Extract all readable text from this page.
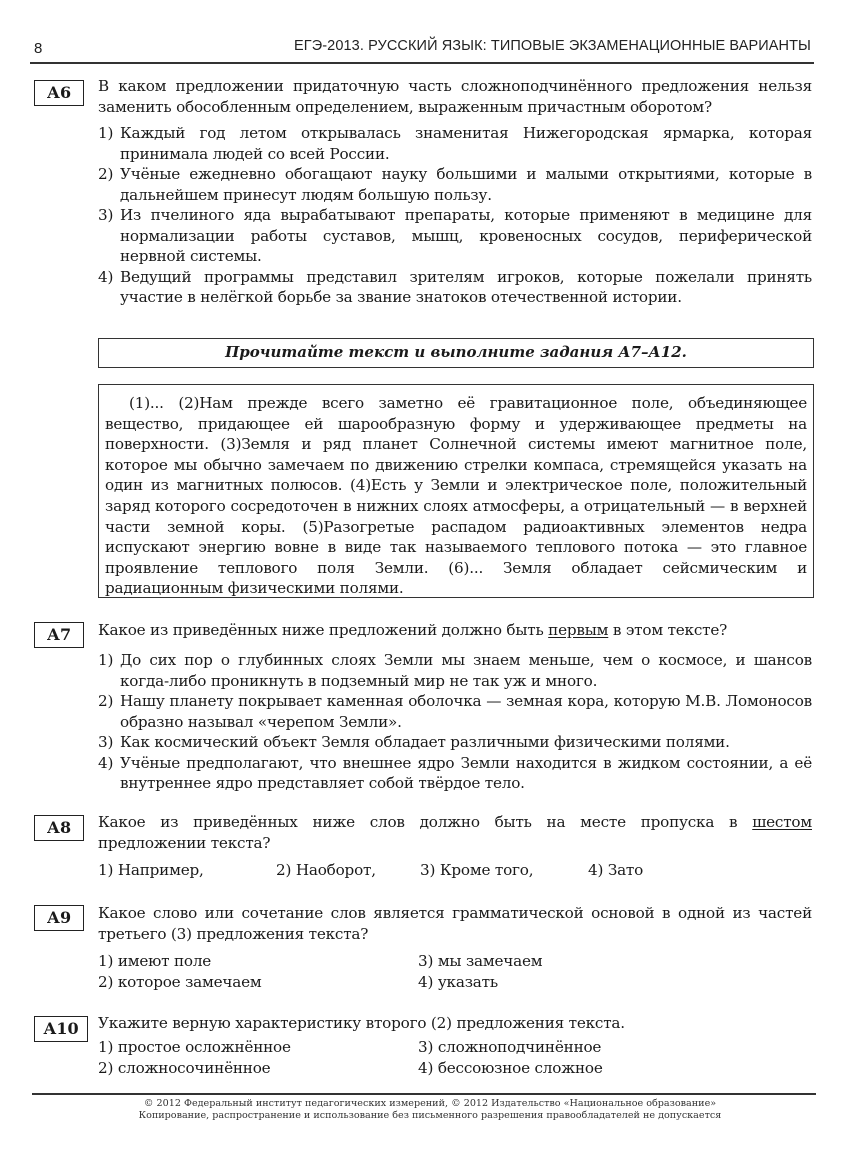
8	ЕГЭ-2013. РУССКИЙ ЯЗЫК: ТИПОВЫЕ ЭКЗАМЕНАЦИОННЫЕ ВАРИАНТЫ
А6	В каком предложении придаточную часть сложноподчинённого предложения нельзя заменить обособленным определением, выраженным причастным оборотом?
1) Каждый год летом открывалась знаменитая Нижегородская ярмарка, которая принимала людей со всей России.
2) Учёные ежедневно обогащают науку большими и малыми открытиями, которые в дальнейшем принесут людям большую пользу.
3) Из пчелиного яда вырабатывают препараты, которые применяют в медицине для нормализации работы суставов, мышц, кровеносных сосудов, периферической нервной системы.
4) Ведущий программы представил зрителям игроков, которые пожелали принять участие в нелёгкой борьбе за звание знатоков отечественной истории.
Прочитайте текст и выполните задания А7–А12.

(1)... (2)Нам прежде всего заметно её гравитационное поле, объединяющее вещество, придающее ей шарообразную форму и удерживающее предметы на поверхности. (3)Земля и ряд планет Солнечной системы имеют магнитное поле, которое мы обычно замечаем по движению стрелки компаса, стремящейся указать на один из магнитных полюсов. (4)Есть у Земли и электрическое поле, положительный заряд которого сосредоточен в нижних слоях атмосферы, а отрицательный — в верхней части земной коры. (5)Разогретые распадом радиоактивных элементов недра испускают энергию вовне в виде так называемого теплового потока — это главное проявление теплового поля Земли. (6)... Земля обладает сейсмическим и радиационным физическими полями.

А7	Какое из приведённых ниже предложений должно быть первым в этом тексте?
1) До сих пор о глубинных слоях Земли мы знаем меньше, чем о космосе, и шансов когда-либо проникнуть в подземный мир не так уж и много.
2) Нашу планету покрывает каменная оболочка — земная кора, которую М.В. Ломоносов образно называл «черепом Земли».
3) Как космический объект Земля обладает различными физическими полями.
4) Учёные предполагают, что внешнее ядро Земли находится в жидком состоянии, а её внутреннее ядро представляет собой твёрдое тело.
А8	Какое из приведённых ниже слов должно быть на месте пропуска в шестом предложении текста?
1) Например,	2) Наоборот,	3) Кроме того,	4) Зато
А9	Какое слово или сочетание слов является грамматической основой в одной из частей третьего (3) предложения текста?
1) имеют поле	3) мы замечаем
2) которое замечаем	4) указать
А10	Укажите верную характеристику второго (2) предложения текста.
1) простое осложнённое	3) сложноподчинённое
2) сложносочинённое	4) бессоюзное сложное
© 2012 Федеральный институт педагогических измерений, © 2012 Издательство «Национальное образование»
Копирование, распространение и использование без письменного разрешения правообладателей не допускается
